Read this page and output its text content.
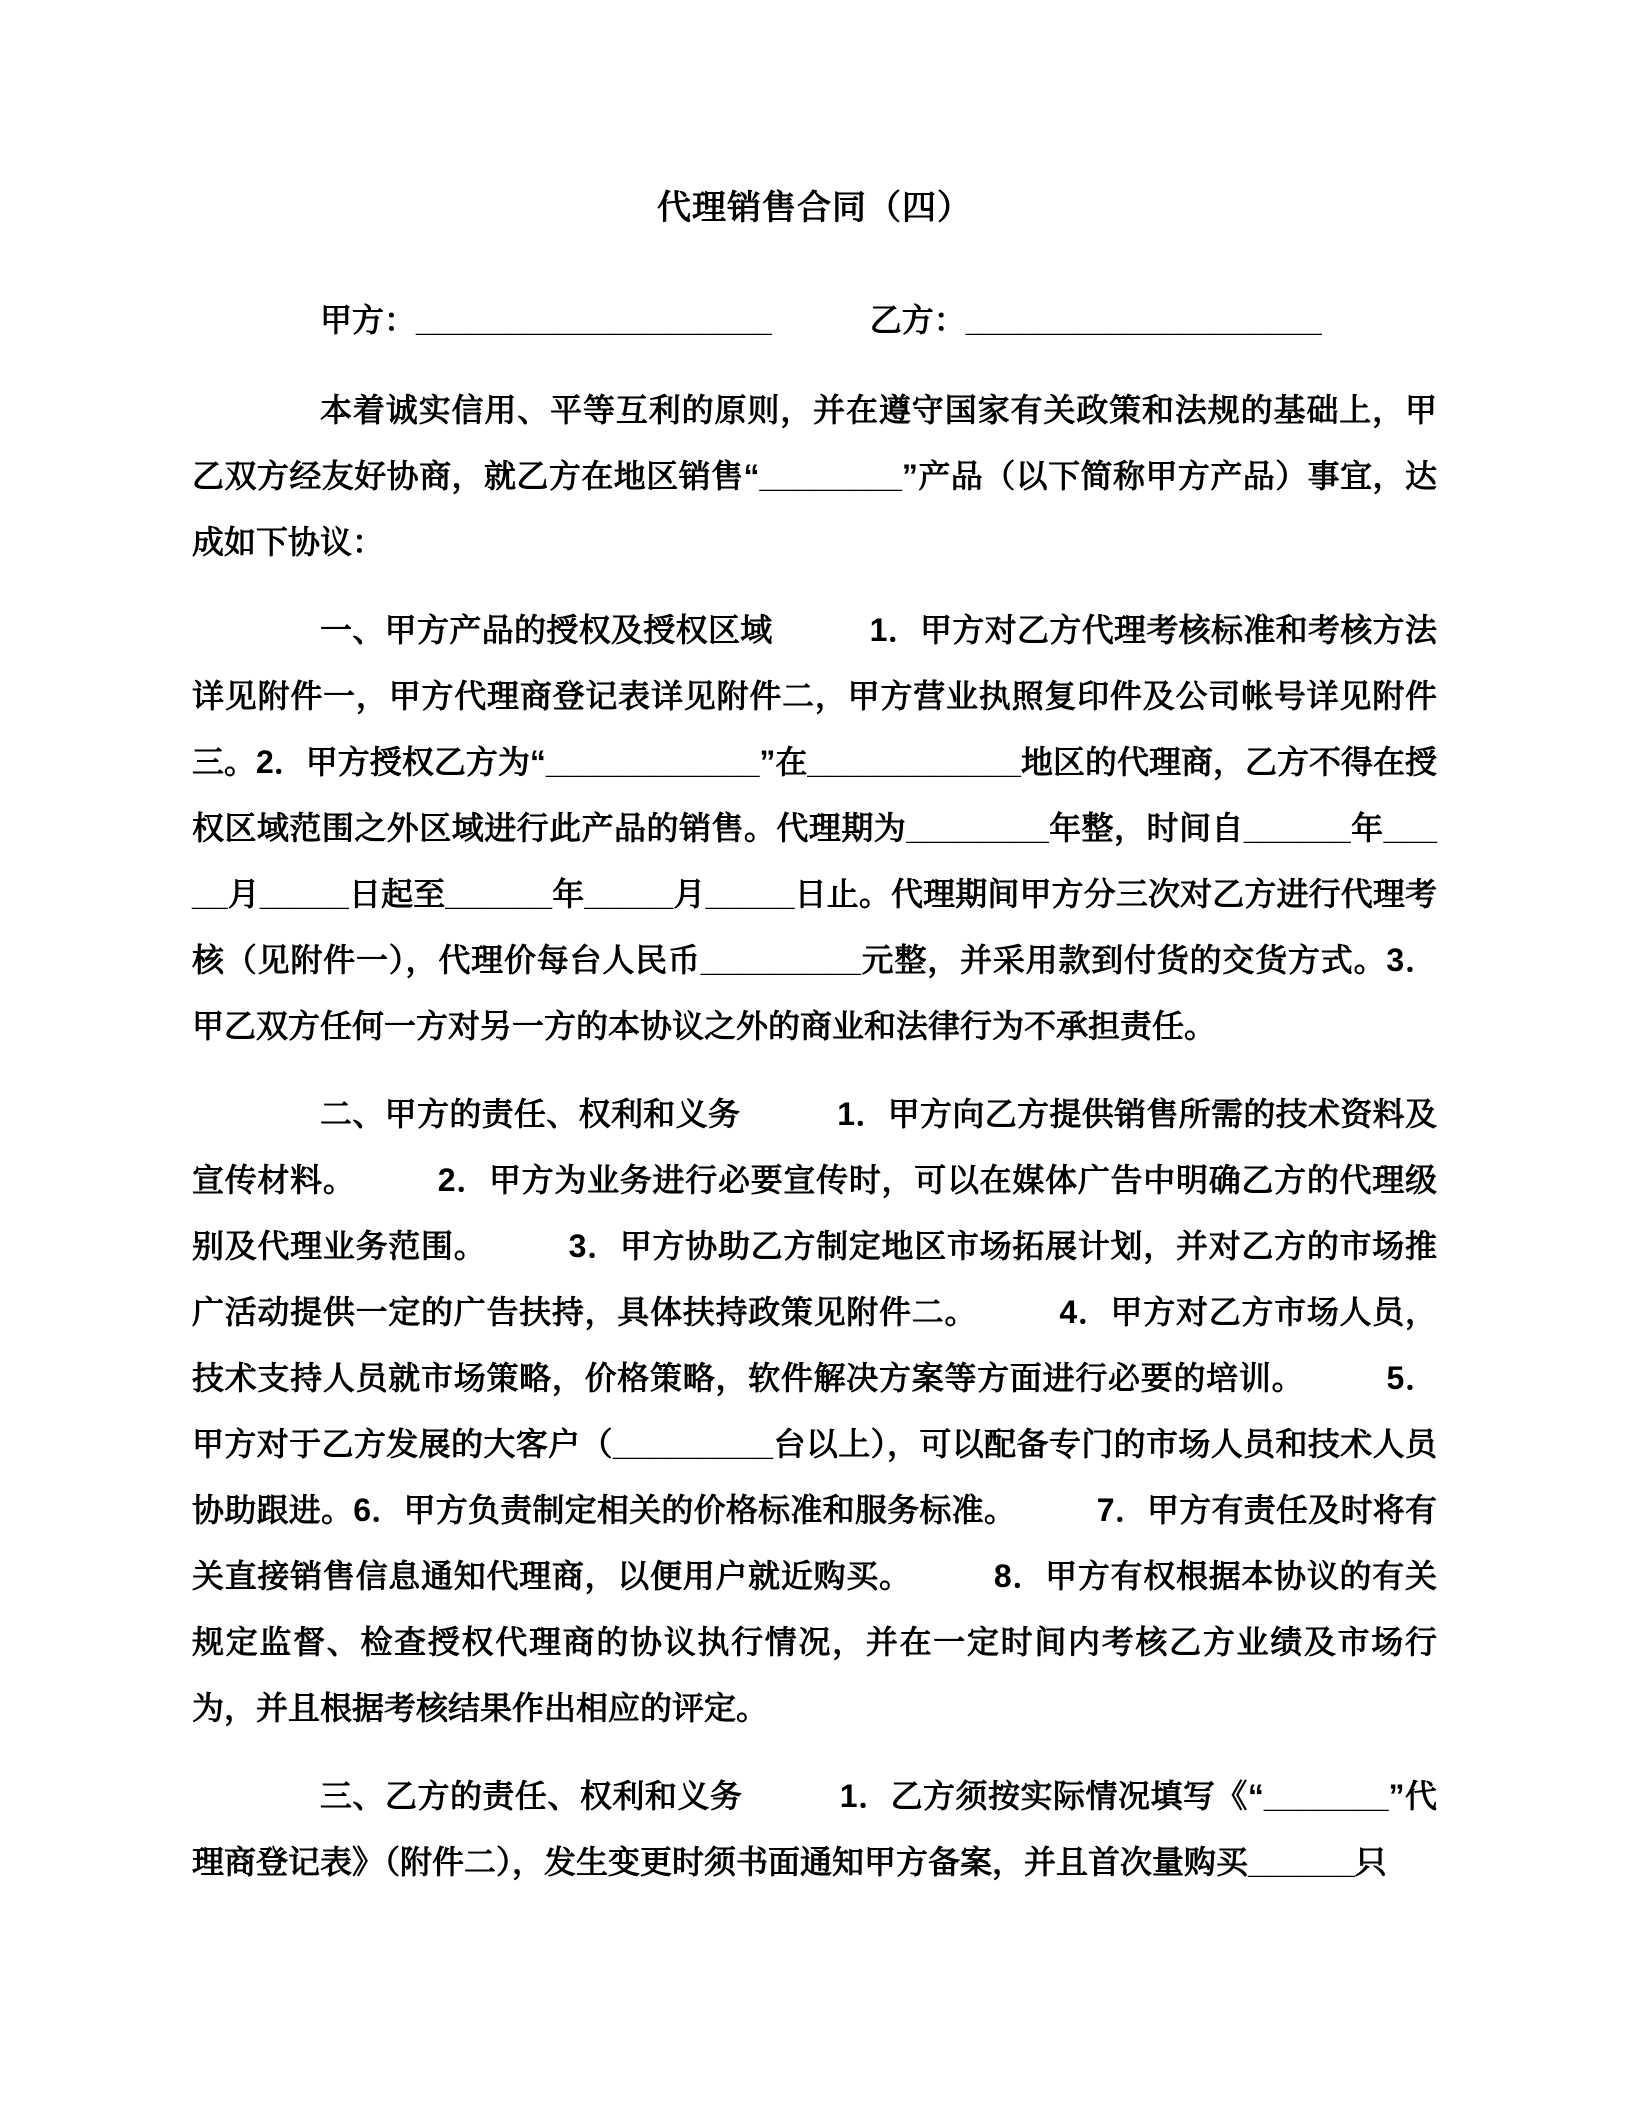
代理销售合同（四）
甲方：____________________	乙方：____________________

本着诚实信用、平等互利的原则，并在遵守国家有关政策和法规的基础上，甲乙双方经友好协商，就乙方在地区销售“________”产品（以下简称甲方产品）事宜，达成如下协议：

一、甲方产品的授权及授权区域　　　1．甲方对乙方代理考核标准和考核方法详见附件一，甲方代理商登记表详见附件二，甲方营业执照复印件及公司帐号详见附件三。2．甲方授权乙方为“____________”在____________地区的代理商，乙方不得在授权区域范围之外区域进行此产品的销售。代理期为________年整，时间自______年_____月_____日起至______年_____月_____日止。代理期间甲方分三次对乙方进行代理考核（见附件一），代理价每台人民币_________元整，并采用款到付货的交货方式。3．甲乙双方任何一方对另一方的本协议之外的商业和法律行为不承担责任。

二、甲方的责任、权利和义务　　　1．甲方向乙方提供销售所需的技术资料及宣传材料。　　　2．甲方为业务进行必要宣传时，可以在媒体广告中明确乙方的代理级别及代理业务范围。　　　3．甲方协助乙方制定地区市场拓展计划，并对乙方的市场推广活动提供一定的广告扶持，具体扶持政策见附件二。　　　4．甲方对乙方市场人员，技术支持人员就市场策略，价格策略，软件解决方案等方面进行必要的培训。　　　5．甲方对于乙方发展的大客户（_________台以上），可以配备专门的市场人员和技术人员协助跟进。6．甲方负责制定相关的价格标准和服务标准。　　　7．甲方有责任及时将有关直接销售信息通知代理商，以便用户就近购买。　　　8．甲方有权根据本协议的有关规定监督、检查授权代理商的协议执行情况，并在一定时间内考核乙方业绩及市场行为，并且根据考核结果作出相应的评定。

三、乙方的责任、权利和义务　　　1．乙方须按实际情况填写《“_______”代理商登记表》（附件二），发生变更时须书面通知甲方备案，并且首次量购买______只
